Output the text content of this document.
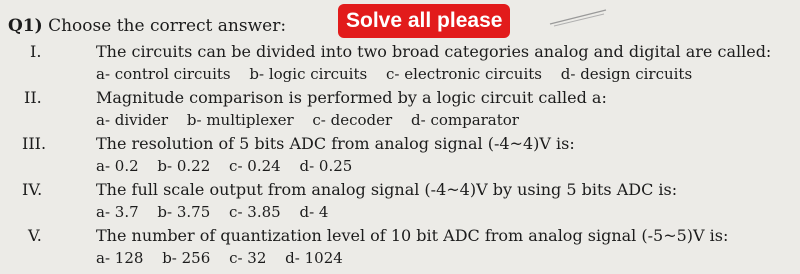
Q1) Choose the correct answer:	Solve all please
I.	The circuits can be divided into two broad categories analog and digital are called:
a- control circuits b- logic circuits c- electronic circuits d- design circuits
II.	Magnitude comparison is performed by a logic circuit called a:
a- divider b- multiplexer c- decoder d- comparator
III.	The resolution of 5 bits ADC from analog signal (-4~4)V is:
a- 0.2 b- 0.22 c- 0.24 d- 0.25
IV.	The full scale output from analog signal (-4~4)V by using 5 bits ADC is:
a- 3.7 b- 3.75 c- 3.85 d- 4
V.	The number of quantization level of 10 bit ADC from analog signal (-5~5)V is:
a- 128 b- 256 c- 32 d- 1024
